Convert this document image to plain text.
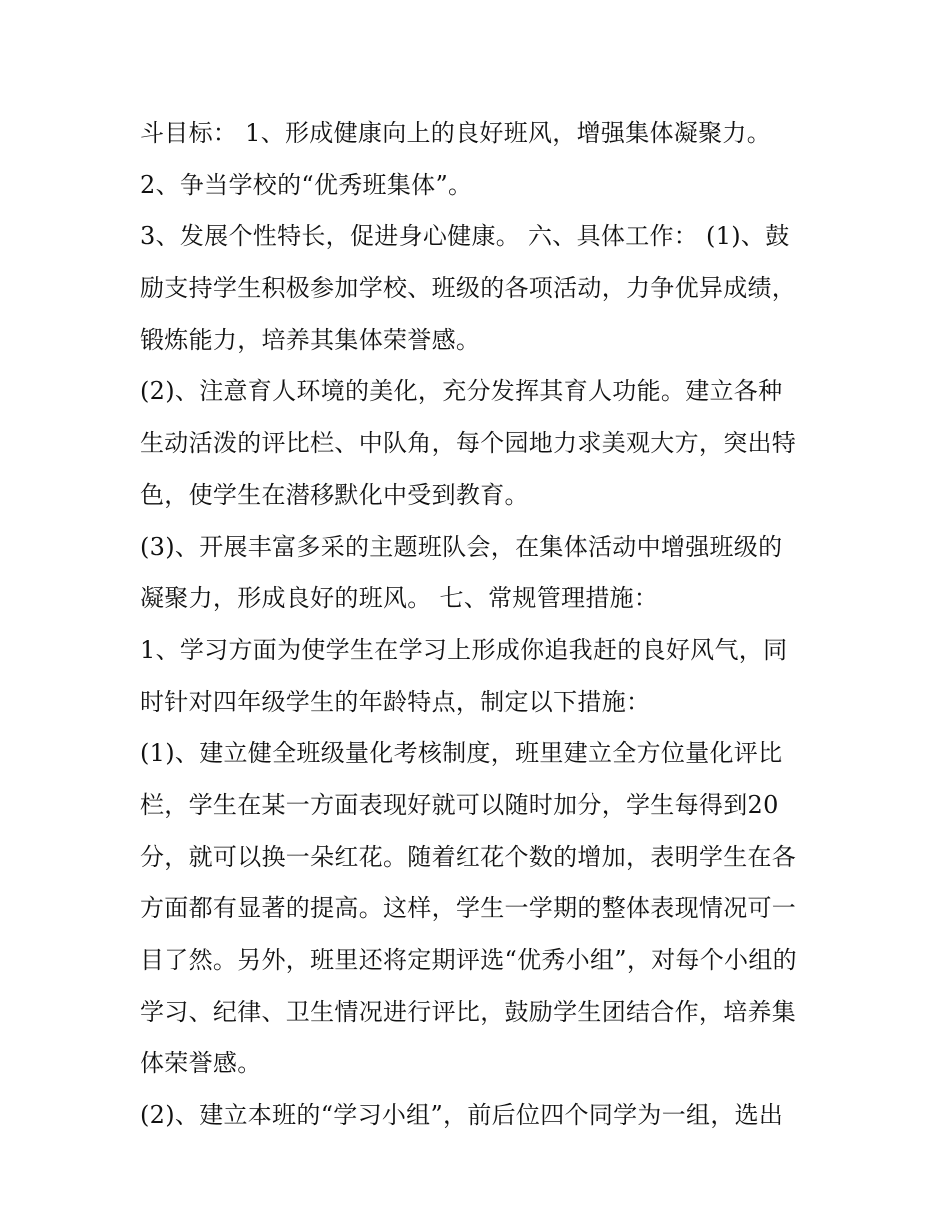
斗目标： 1、形成健康向上的良好班风，增强集体凝聚力。
2、争当学校的“优秀班集体”。
3、发展个性特长，促进身心健康。 六、具体工作： (1)、鼓
励支持学生积极参加学校、班级的各项活动，力争优异成绩，
锻炼能力，培养其集体荣誉感。
(2)、注意育人环境的美化，充分发挥其育人功能。建立各种
生动活泼的评比栏、中队角，每个园地力求美观大方，突出特
色，使学生在潜移默化中受到教育。
(3)、开展丰富多采的主题班队会，在集体活动中增强班级的
凝聚力，形成良好的班风。 七、常规管理措施：
1、学习方面为使学生在学习上形成你追我赶的良好风气，同
时针对四年级学生的年龄特点，制定以下措施：
(1)、建立健全班级量化考核制度，班里建立全方位量化评比
栏，学生在某一方面表现好就可以随时加分，学生每得到20
分，就可以换一朵红花。随着红花个数的增加，表明学生在各
方面都有显著的提高。这样，学生一学期的整体表现情况可一
目了然。另外，班里还将定期评选“优秀小组”，对每个小组的
学习、纪律、卫生情况进行评比，鼓励学生团结合作，培养集
体荣誉感。
(2)、建立本班的“学习小组”，前后位四个同学为一组，选出
